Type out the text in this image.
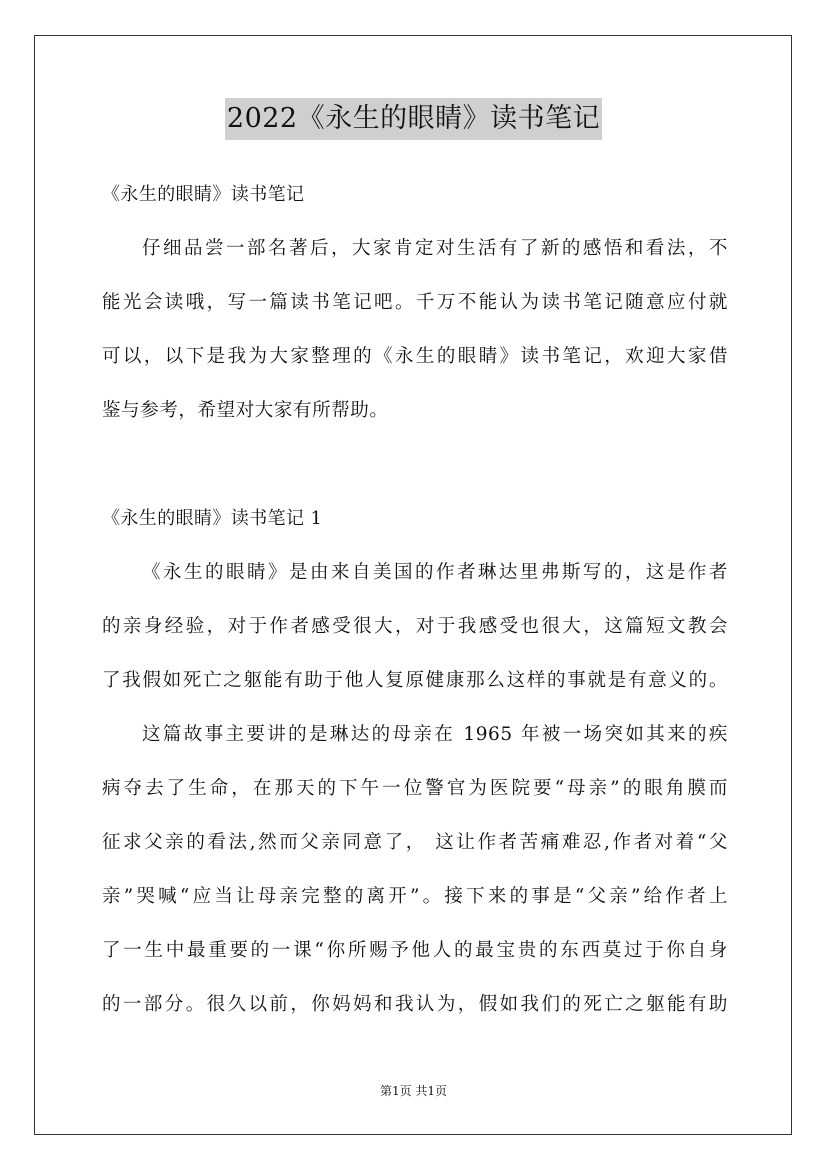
2022《永生的眼睛》读书笔记
《永生的眼睛》读书笔记
仔细品尝一部名著后，大家肯定对生活有了新的感悟和看法，不
能光会读哦，写一篇读书笔记吧。千万不能认为读书笔记随意应付就
可以，以下是我为大家整理的《永生的眼睛》读书笔记，欢迎大家借
鉴与参考，希望对大家有所帮助。
《永生的眼睛》读书笔记 1
《永生的眼睛》是由来自美国的作者琳达里弗斯写的，这是作者
的亲身经验，对于作者感受很大，对于我感受也很大，这篇短文教会
了我假如死亡之躯能有助于他人复原健康那么这样的事就是有意义的。
这篇故事主要讲的是琳达的母亲在 1965 年被一场突如其来的疾
病夺去了生命，在那天的下午一位警官为医院要“母亲”的眼角膜而
征求父亲的看法,然而父亲同意了， 这让作者苦痛难忍,作者对着“父
亲”哭喊“应当让母亲完整的离开”。接下来的事是“父亲”给作者上
了一生中最重要的一课“你所赐予他人的最宝贵的东西莫过于你自身
的一部分。很久以前，你妈妈和我认为，假如我们的死亡之躯能有助
第1页 共1页
